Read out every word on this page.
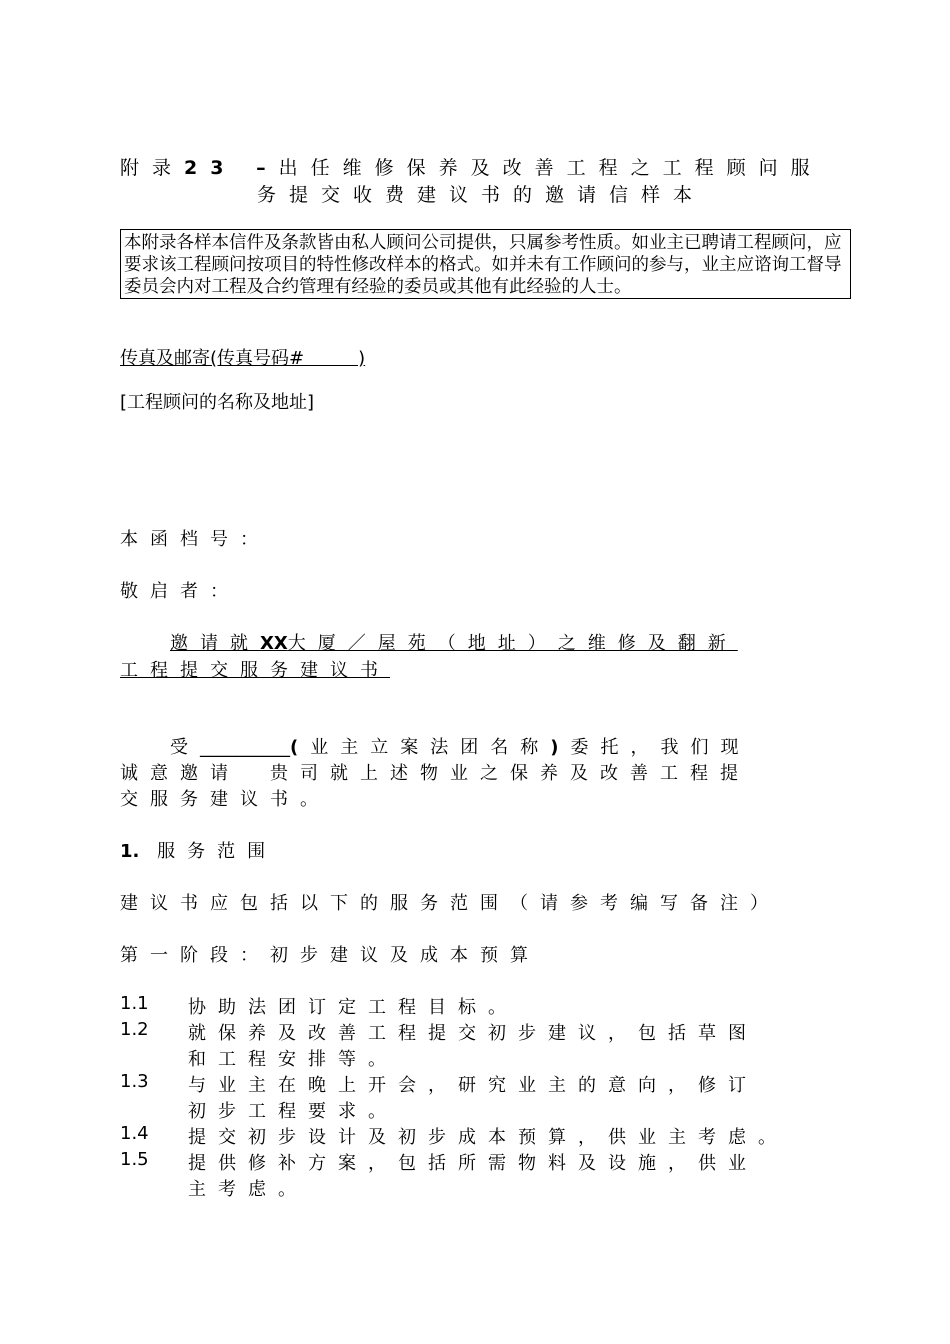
附录23 –出任维修保养及改善工程之工程顾问服
务提交收费建议书的邀请信样本
本附录各样本信件及条款皆由私人顾问公司提供，只属参考性质。如业主已聘请工程顾问，应要求该工程顾问按项目的特性修改样本的格式。如并未有工作顾问的参与，业主应谘询工督导委员会内对工程及合约管理有经验的委员或其他有此经验的人士。
传真及邮寄(传真号码#　　　)
[工程顾问的名称及地址]
本函档号：
敬启者：
邀请就XX大厦／屋苑（地址）之维修及翻新
工程提交服务建议书
受__________(业主立案法团名称)委托，我们现
诚意邀请　贵司就上述物业之保养及改善工程提
交服务建议书。
1. 服务范围
建议书应包括以下的服务范围（请参考编写备注）
第一阶段：初步建议及成本预算
1.1 协助法团订定工程目标。
1.2 就保养及改善工程提交初步建议，包括草图
和工程安排等。
1.3 与业主在晚上开会，研究业主的意向，修订
初步工程要求。
1.4 提交初步设计及初步成本预算，供业主考虑。
1.5 提供修补方案，包括所需物料及设施，供业
主考虑。
